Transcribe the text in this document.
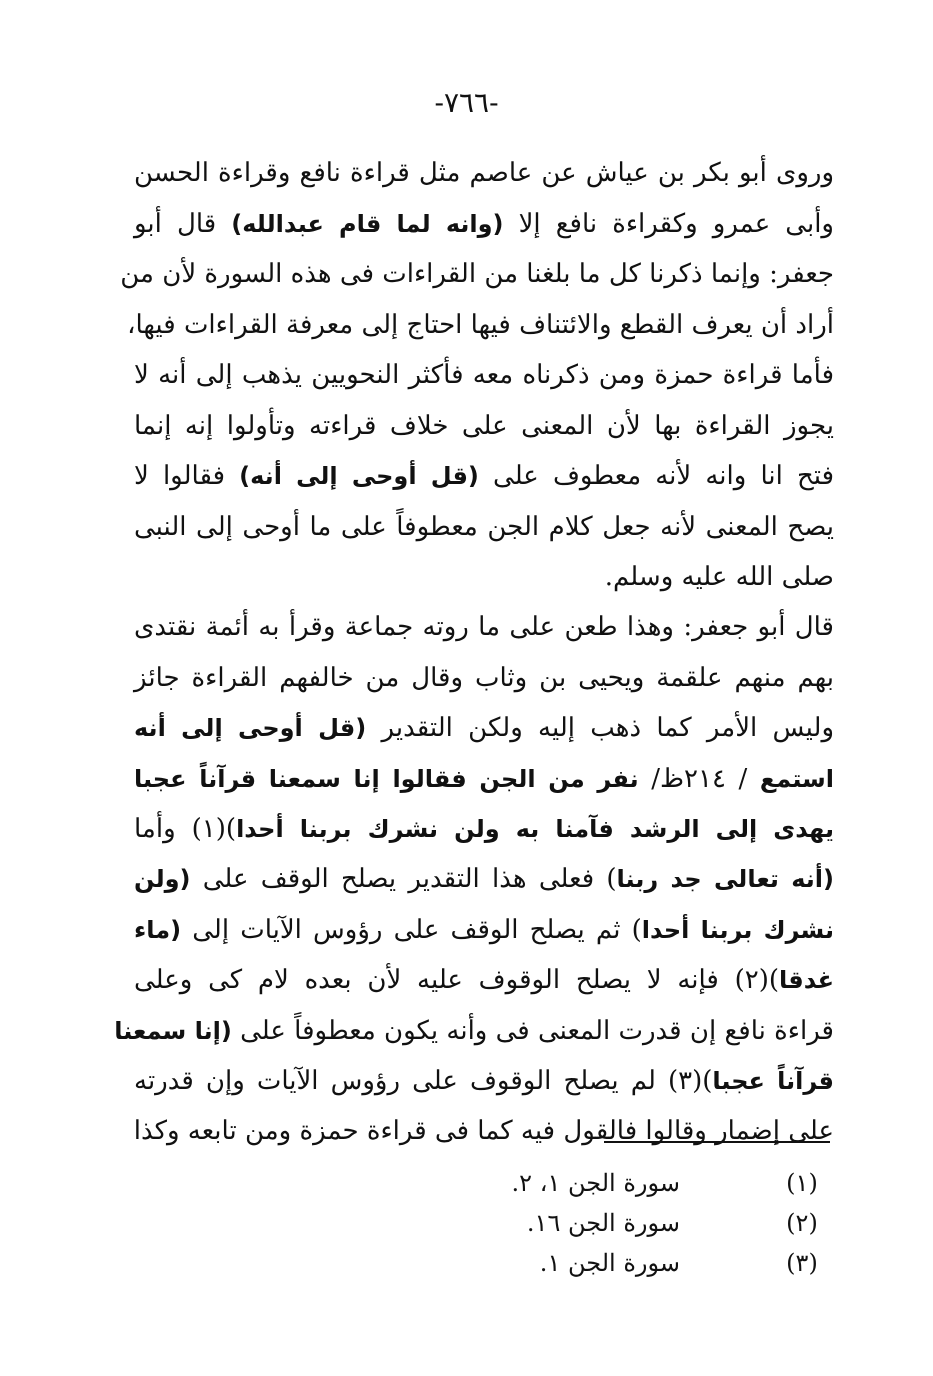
-٧٦٦-
وروى أبو بكر بن عياش عن عاصم مثل قراءة نافع وقراءة الحسن
وأبى عمرو وكقراءة نافع إلا (وانه لما قام عبدالله) قال أبو
جعفر: وإنما ذكرنا كل ما بلغنا من القراءات فى هذه السورة لأن من
أراد أن يعرف القطع والائتناف فيها احتاج إلى معرفة القراءات فيها،
فأما قراءة حمزة ومن ذكرناه معه فأكثر النحويين يذهب إلى أنه لا
يجوز القراءة بها لأن المعنى على خلاف قراءته وتأولوا إنه إنما
فتح انا وانه لأنه معطوف على (قل أوحى إلى أنه) فقالوا لا
يصح المعنى لأنه جعل كلام الجن معطوفاً على ما أوحى إلى النبى
صلى الله عليه وسلم.
قال أبو جعفر: وهذا طعن على ما روته جماعة وقرأ به أئمة نقتدى
بهم منهم علقمة ويحيى بن وثاب وقال من خالفهم القراءة جائز
وليس الأمر كما ذهب إليه ولكن التقدير (قل أوحى إلى أنه
استمع / ٢١٤ظ/ نفر من الجن فقالوا إنا سمعنا قرآناً عجبا
يهدى إلى الرشد فآمنا به ولن نشرك بربنا أحدا)(١) وأما
(أنه تعالى جد ربنا) فعلى هذا التقدير يصلح الوقف على (ولن
نشرك بربنا أحدا) ثم يصلح الوقف على رؤوس الآيات إلى (ماء
غدقا)(٢) فإنه لا يصلح الوقوف عليه لأن بعده لام كى وعلى
قراءة نافع إن قدرت المعنى فى وأنه يكون معطوفاً على (إنا سمعنا
قرآناً عجبا)(٣) لم يصلح الوقوف على رؤوس الآيات وإن قدرته
على إضمار وقالوا فالقول فيه كما فى قراءة حمزة ومن تابعه وكذا
(١)
سورة الجن ١، ٢.
(٢)
سورة الجن ١٦.
(٣)
سورة الجن ١.
